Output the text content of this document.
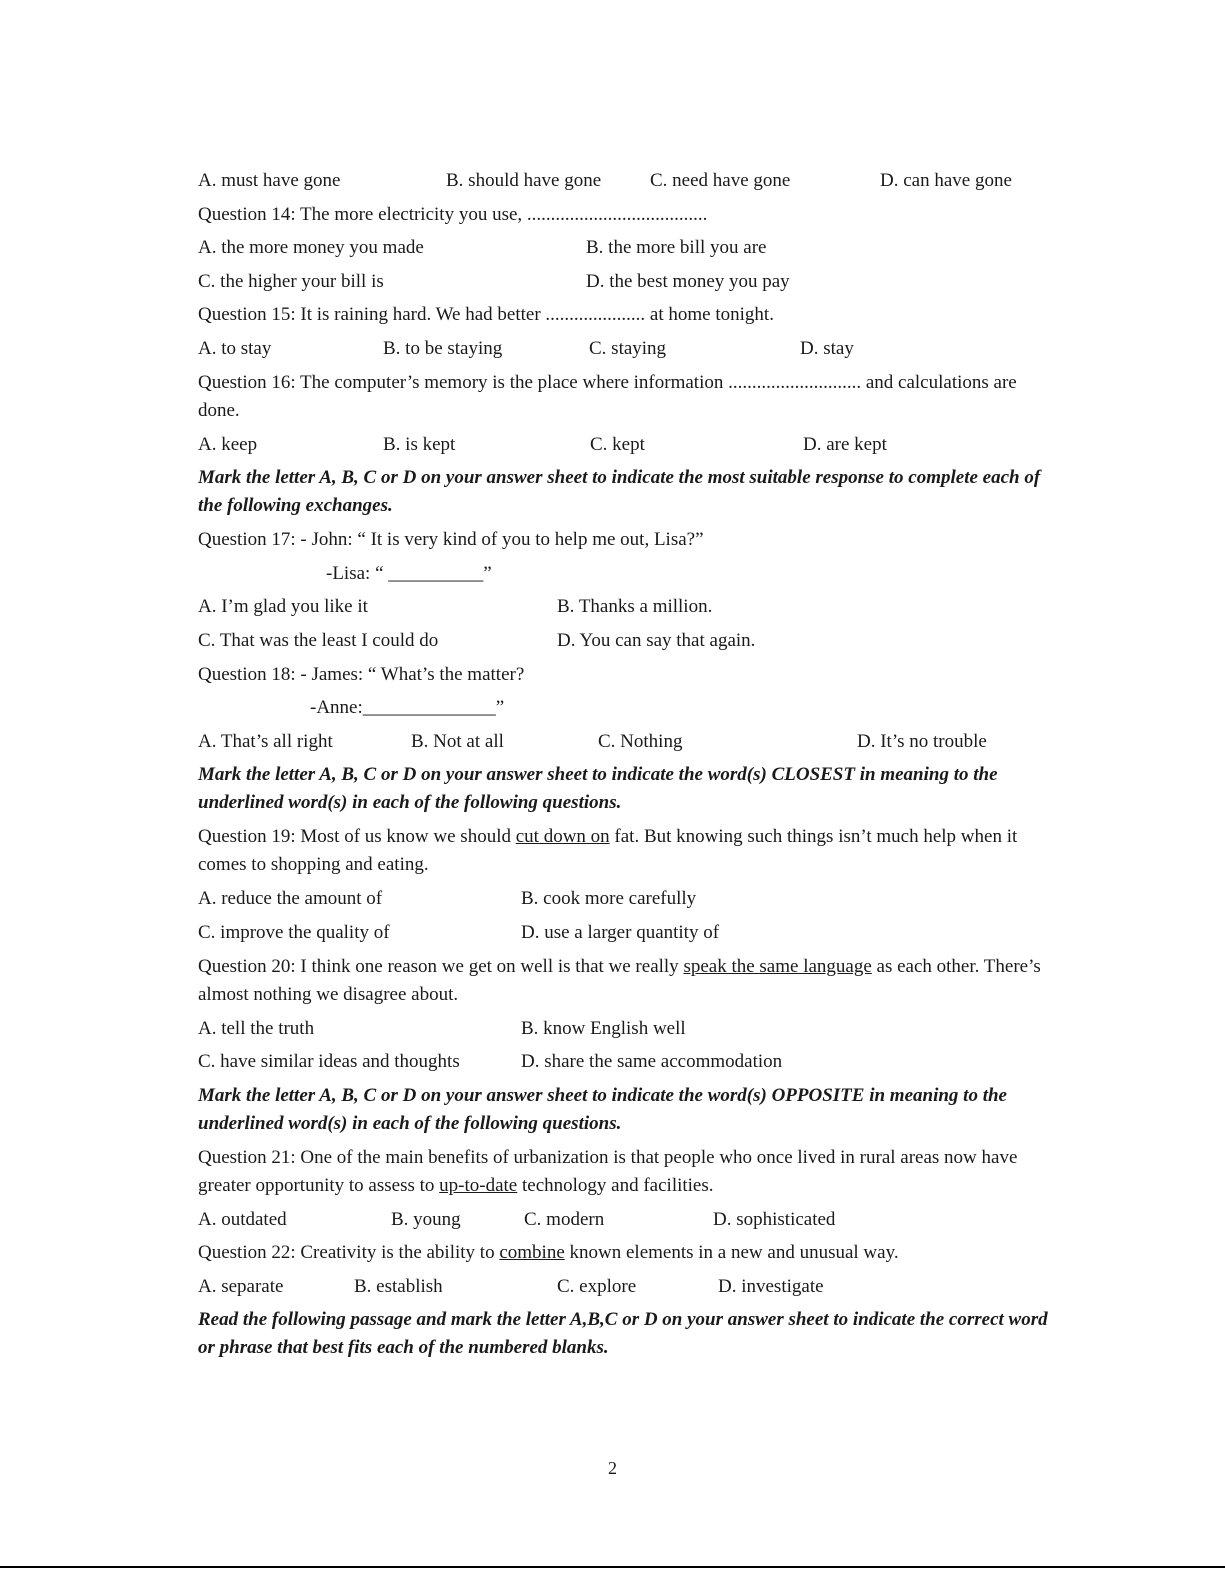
A. must have gone	B. should have gone	C. need have gone	D. can have gone
Question 14: The more electricity you use, ......................................
A. the more money you made	B. the more bill you are
C. the higher your bill is	D. the best money you pay
Question 15: It is raining hard. We had better ..................... at home tonight.
A. to stay	B. to be staying	C. staying	D. stay
Question 16: The computer’s memory is the place where information ............................ and calculations are done.
A. keep	B. is kept	C. kept	D. are kept
Mark the letter A, B, C or D on your answer sheet to indicate the most suitable response to complete each of the following exchanges.
Question 17: - John: “ It is very kind of you to help me out, Lisa?”
-Lisa: “ __________”
A. I’m glad you like it	B. Thanks a million.
C. That was the least I could do	D. You can say that again.
Question 18: - James: “ What’s the matter?
-Anne:______________”
A. That’s all right	B. Not at all	C. Nothing	D. It’s no trouble
Mark the letter A, B, C or D on your answer sheet to indicate the word(s) CLOSEST in meaning to the underlined word(s) in each of the following questions.
Question 19: Most of us know we should cut down on fat. But knowing such things isn’t much help when it comes to shopping and eating.
A. reduce the amount of	B. cook more carefully
C. improve the quality of	D. use a larger quantity of
Question 20: I think one reason we get on well is that we really speak the same language as each other. There’s almost nothing we disagree about.
A. tell the truth	B. know English well
C. have similar ideas and thoughts	D. share the same accommodation
Mark the letter A, B, C or D on your answer sheet to indicate the word(s) OPPOSITE in meaning to the underlined word(s) in each of the following questions.
Question 21: One of the main benefits of urbanization is that people who once lived in rural areas now have greater opportunity to assess to up-to-date technology and facilities.
A. outdated	B. young	C. modern	D. sophisticated
Question 22: Creativity is the ability to combine known elements in a new and unusual way.
A. separate	B. establish	C. explore	D. investigate
Read the following passage and mark the letter A,B,C or D on your answer sheet to indicate the correct word or phrase that best fits each of the numbered blanks.
2
